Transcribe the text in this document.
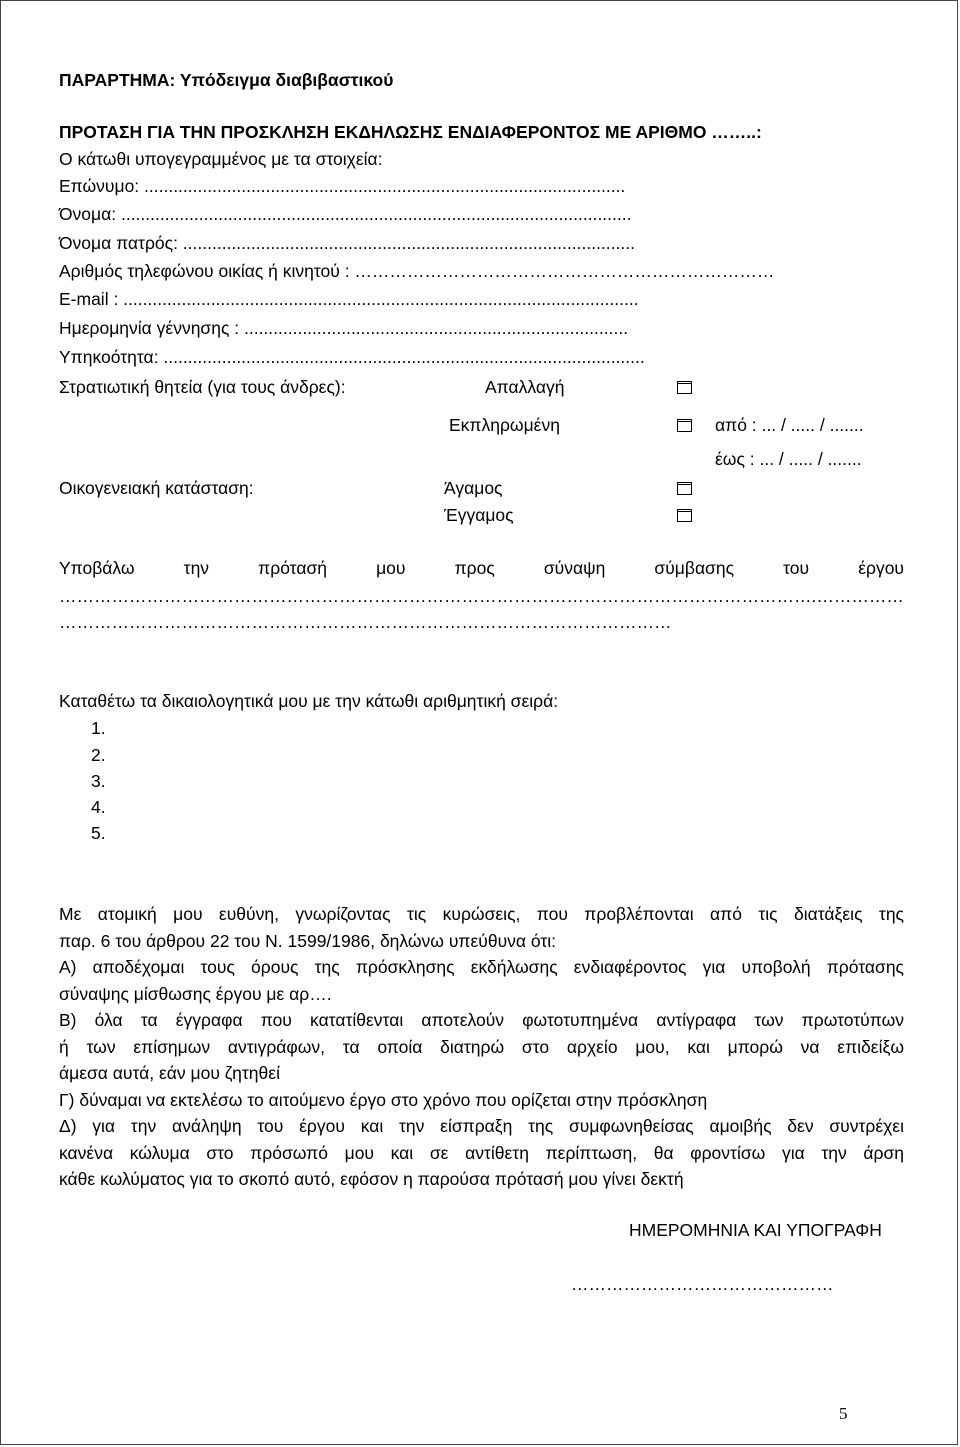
ΠΑΡΑΡΤΗΜΑ: Υπόδειγμα διαβιβαστικού
ΠΡΟΤΑΣΗ ΓΙΑ ΤΗΝ ΠΡΟΣΚΛΗΣΗ ΕΚΔΗΛΩΣΗΣ ΕΝΔΙΑΦΕΡΟΝΤΟΣ ΜΕ ΑΡΙΘΜΟ ……..:
Ο κάτωθι υπογεγραμμένος με τα στοιχεία:
Επώνυμο: ...................................................................................................
Όνομα: .........................................................................................................
Όνομα πατρός: .............................................................................................
Αριθμός τηλεφώνου οικίας ή κινητού : ………………………………………………………………
E-mail : ..........................................................................................................
Ημερομηνία γέννησης : ...............................................................................
Υπηκοότητα: ...................................................................................................
Στρατιωτική θητεία (για τους άνδρες):	Απαλλαγή
Εκπληρωμένη	από : ... / ..... / .......
έως : ... / ..... / .......
Οικογενειακή κατάσταση:	Άγαμος
Έγγαμος
Υποβάλω την πρότασή μου προς σύναψη σύμβασης του έργου
………………………………………………………………………………………………………………….……………
……………………………………………………………………………………………
Καταθέτω τα δικαιολογητικά μου με την κάτωθι αριθμητική σειρά:
1.
2.
3.
4.
5.
Με ατομική μου ευθύνη, γνωρίζοντας τις κυρώσεις, που προβλέπονται από τις διατάξεις της
παρ. 6 του άρθρου 22 του Ν. 1599/1986, δηλώνω υπεύθυνα ότι:
Α) αποδέχομαι τους όρους της πρόσκλησης εκδήλωσης ενδιαφέροντος για υποβολή πρότασης
σύναψης μίσθωσης έργου με αρ….
Β) όλα τα έγγραφα που κατατίθενται αποτελούν φωτοτυπημένα αντίγραφα των πρωτοτύπων
ή των επίσημων αντιγράφων, τα οποία διατηρώ στο αρχείο μου, και μπορώ να επιδείξω
άμεσα αυτά, εάν μου ζητηθεί
Γ) δύναμαι να εκτελέσω το αιτούμενο έργο στο χρόνο που ορίζεται στην πρόσκληση
Δ) για την ανάληψη του έργου και την είσπραξη της συμφωνηθείσας αμοιβής δεν συντρέχει
κανένα κώλυμα στο πρόσωπό μου και σε αντίθετη περίπτωση, θα φροντίσω για την άρση
κάθε κωλύματος για το σκοπό αυτό, εφόσον η παρούσα πρότασή μου γίνει δεκτή
ΗΜΕΡΟΜΗΝΙΑ ΚΑΙ ΥΠΟΓΡΑΦΗ
………………………………………
5
